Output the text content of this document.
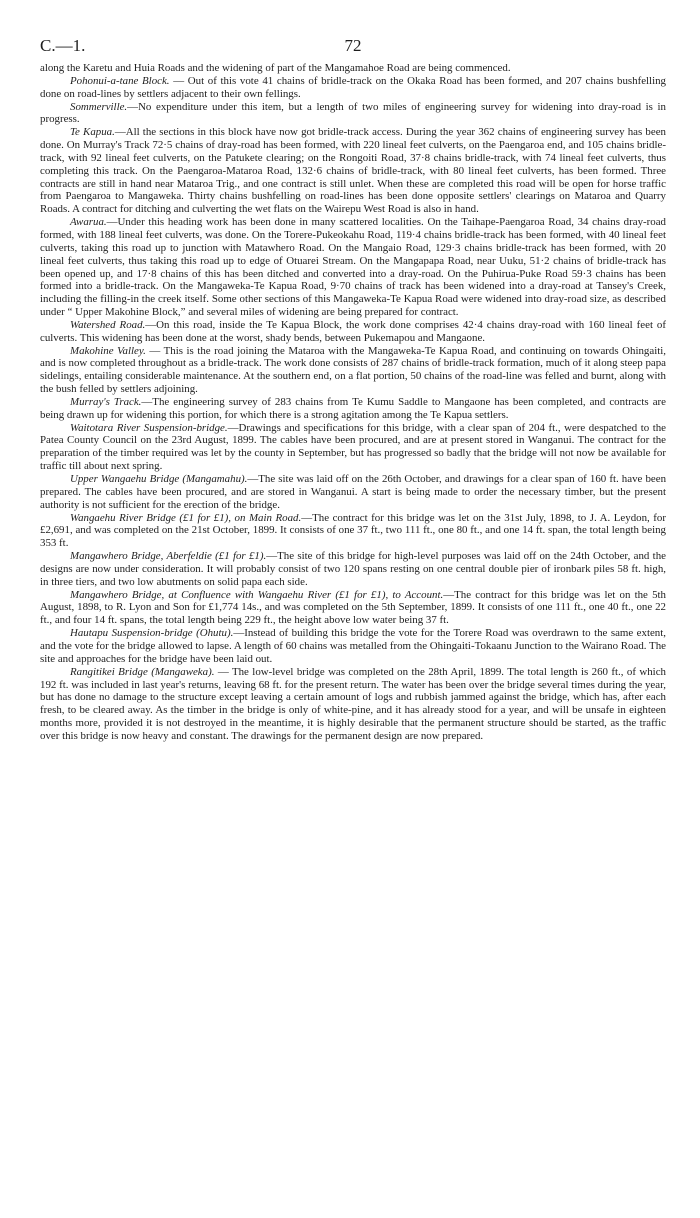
C.—1.	72

along the Karetu and Huia Roads and the widening of part of the Mangamahoe Road are being commenced.

Pohonui-a-tane Block. — Out of this vote 41 chains of bridle-track on the Okaka Road has been formed, and 207 chains bushfelling done on road-lines by settlers adjacent to their own fellings.

Sommerville.—No expenditure under this item, but a length of two miles of engineering survey for widening into dray-road is in progress.

Te Kapua.—All the sections in this block have now got bridle-track access. During the year 362 chains of engineering survey has been done. On Murray's Track 72·5 chains of dray-road has been formed, with 220 lineal feet culverts, on the Paengaroa end, and 105 chains bridle-track, with 92 lineal feet culverts, on the Patukete clearing; on the Rongoiti Road, 37·8 chains bridle-track, with 74 lineal feet culverts, thus completing this track. On the Paengaroa-Mataroa Road, 132·6 chains of bridle-track, with 80 lineal feet culverts, has been formed. Three contracts are still in hand near Mataroa Trig., and one contract is still unlet. When these are completed this road will be open for horse traffic from Paengaroa to Mangaweka. Thirty chains bushfelling on road-lines has been done opposite settlers' clearings on Mataroa and Quarry Roads. A contract for ditching and culverting the wet flats on the Wairepu West Road is also in hand.

Awarua.—Under this heading work has been done in many scattered localities. On the Taihape-Paengaroa Road, 34 chains dray-road formed, with 188 lineal feet culverts, was done. On the Torere-Pukeokahu Road, 119·4 chains bridle-track has been formed, with 40 lineal feet culverts, taking this road up to junction with Matawhero Road. On the Mangaio Road, 129·3 chains bridle-track has been formed, with 20 lineal feet culverts, thus taking this road up to edge of Otuarei Stream. On the Mangapapa Road, near Uuku, 51·2 chains of bridle-track has been opened up, and 17·8 chains of this has been ditched and converted into a dray-road. On the Puhirua-Puke Road 59·3 chains has been formed into a bridle-track. On the Mangaweka-Te Kapua Road, 9·70 chains of track has been widened into a dray-road at Tansey's Creek, including the filling-in the creek itself. Some other sections of this Mangaweka-Te Kapua Road were widened into dray-road size, as described under “ Upper Makohine Block,” and several miles of widening are being prepared for contract.

Watershed Road.—On this road, inside the Te Kapua Block, the work done comprises 42·4 chains dray-road with 160 lineal feet of culverts. This widening has been done at the worst, shady bends, between Pukemapou and Mangaone.

Makohine Valley. — This is the road joining the Mataroa with the Mangaweka-Te Kapua Road, and continuing on towards Ohingaiti, and is now completed throughout as a bridle-track. The work done consists of 287 chains of bridle-track formation, much of it along steep papa sidelings, entailing considerable maintenance. At the southern end, on a flat portion, 50 chains of the road-line was felled and burnt, along with the bush felled by settlers adjoining.

Murray's Track.—The engineering survey of 283 chains from Te Kumu Saddle to Mangaone has been completed, and contracts are being drawn up for widening this portion, for which there is a strong agitation among the Te Kapua settlers.

Waitotara River Suspension-bridge.—Drawings and specifications for this bridge, with a clear span of 204 ft., were despatched to the Patea County Council on the 23rd August, 1899. The cables have been procured, and are at present stored in Wanganui. The contract for the preparation of the timber required was let by the county in September, but has progressed so badly that the bridge will not now be available for traffic till about next spring.

Upper Wangaehu Bridge (Mangamahu).—The site was laid off on the 26th October, and drawings for a clear span of 160 ft. have been prepared. The cables have been procured, and are stored in Wanganui. A start is being made to order the necessary timber, but the present authority is not sufficient for the erection of the bridge.

Wangaehu River Bridge (£1 for £1), on Main Road.—The contract for this bridge was let on the 31st July, 1898, to J. A. Leydon, for £2,691, and was completed on the 21st October, 1899. It consists of one 37 ft., two 111 ft., one 80 ft., and one 14 ft. span, the total length being 353 ft.

Mangawhero Bridge, Aberfeldie (£1 for £1).—The site of this bridge for high-level purposes was laid off on the 24th October, and the designs are now under consideration. It will probably consist of two 120 spans resting on one central double pier of ironbark piles 58 ft. high, in three tiers, and two low abutments on solid papa each side.

Mangawhero Bridge, at Confluence with Wangaehu River (£1 for £1), to Account.—The contract for this bridge was let on the 5th August, 1898, to R. Lyon and Son for £1,774 14s., and was completed on the 5th September, 1899. It consists of one 111 ft., one 40 ft., one 22 ft., and four 14 ft. spans, the total length being 229 ft., the height above low water being 37 ft.

Hautapu Suspension-bridge (Ohutu).—Instead of building this bridge the vote for the Torere Road was overdrawn to the same extent, and the vote for the bridge allowed to lapse. A length of 60 chains was metalled from the Ohingaiti-Tokaanu Junction to the Wairano Road. The site and approaches for the bridge have been laid out.

Rangitikei Bridge (Mangaweka). — The low-level bridge was completed on the 28th April, 1899. The total length is 260 ft., of which 192 ft. was included in last year's returns, leaving 68 ft. for the present return. The water has been over the bridge several times during the year, but has done no damage to the structure except leaving a certain amount of logs and rubbish jammed against the bridge, which has, after each fresh, to be cleared away. As the timber in the bridge is only of white-pine, and it has already stood for a year, and will be unsafe in eighteen months more, provided it is not destroyed in the meantime, it is highly desirable that the permanent structure should be started, as the traffic over this bridge is now heavy and constant. The drawings for the permanent design are now prepared.
